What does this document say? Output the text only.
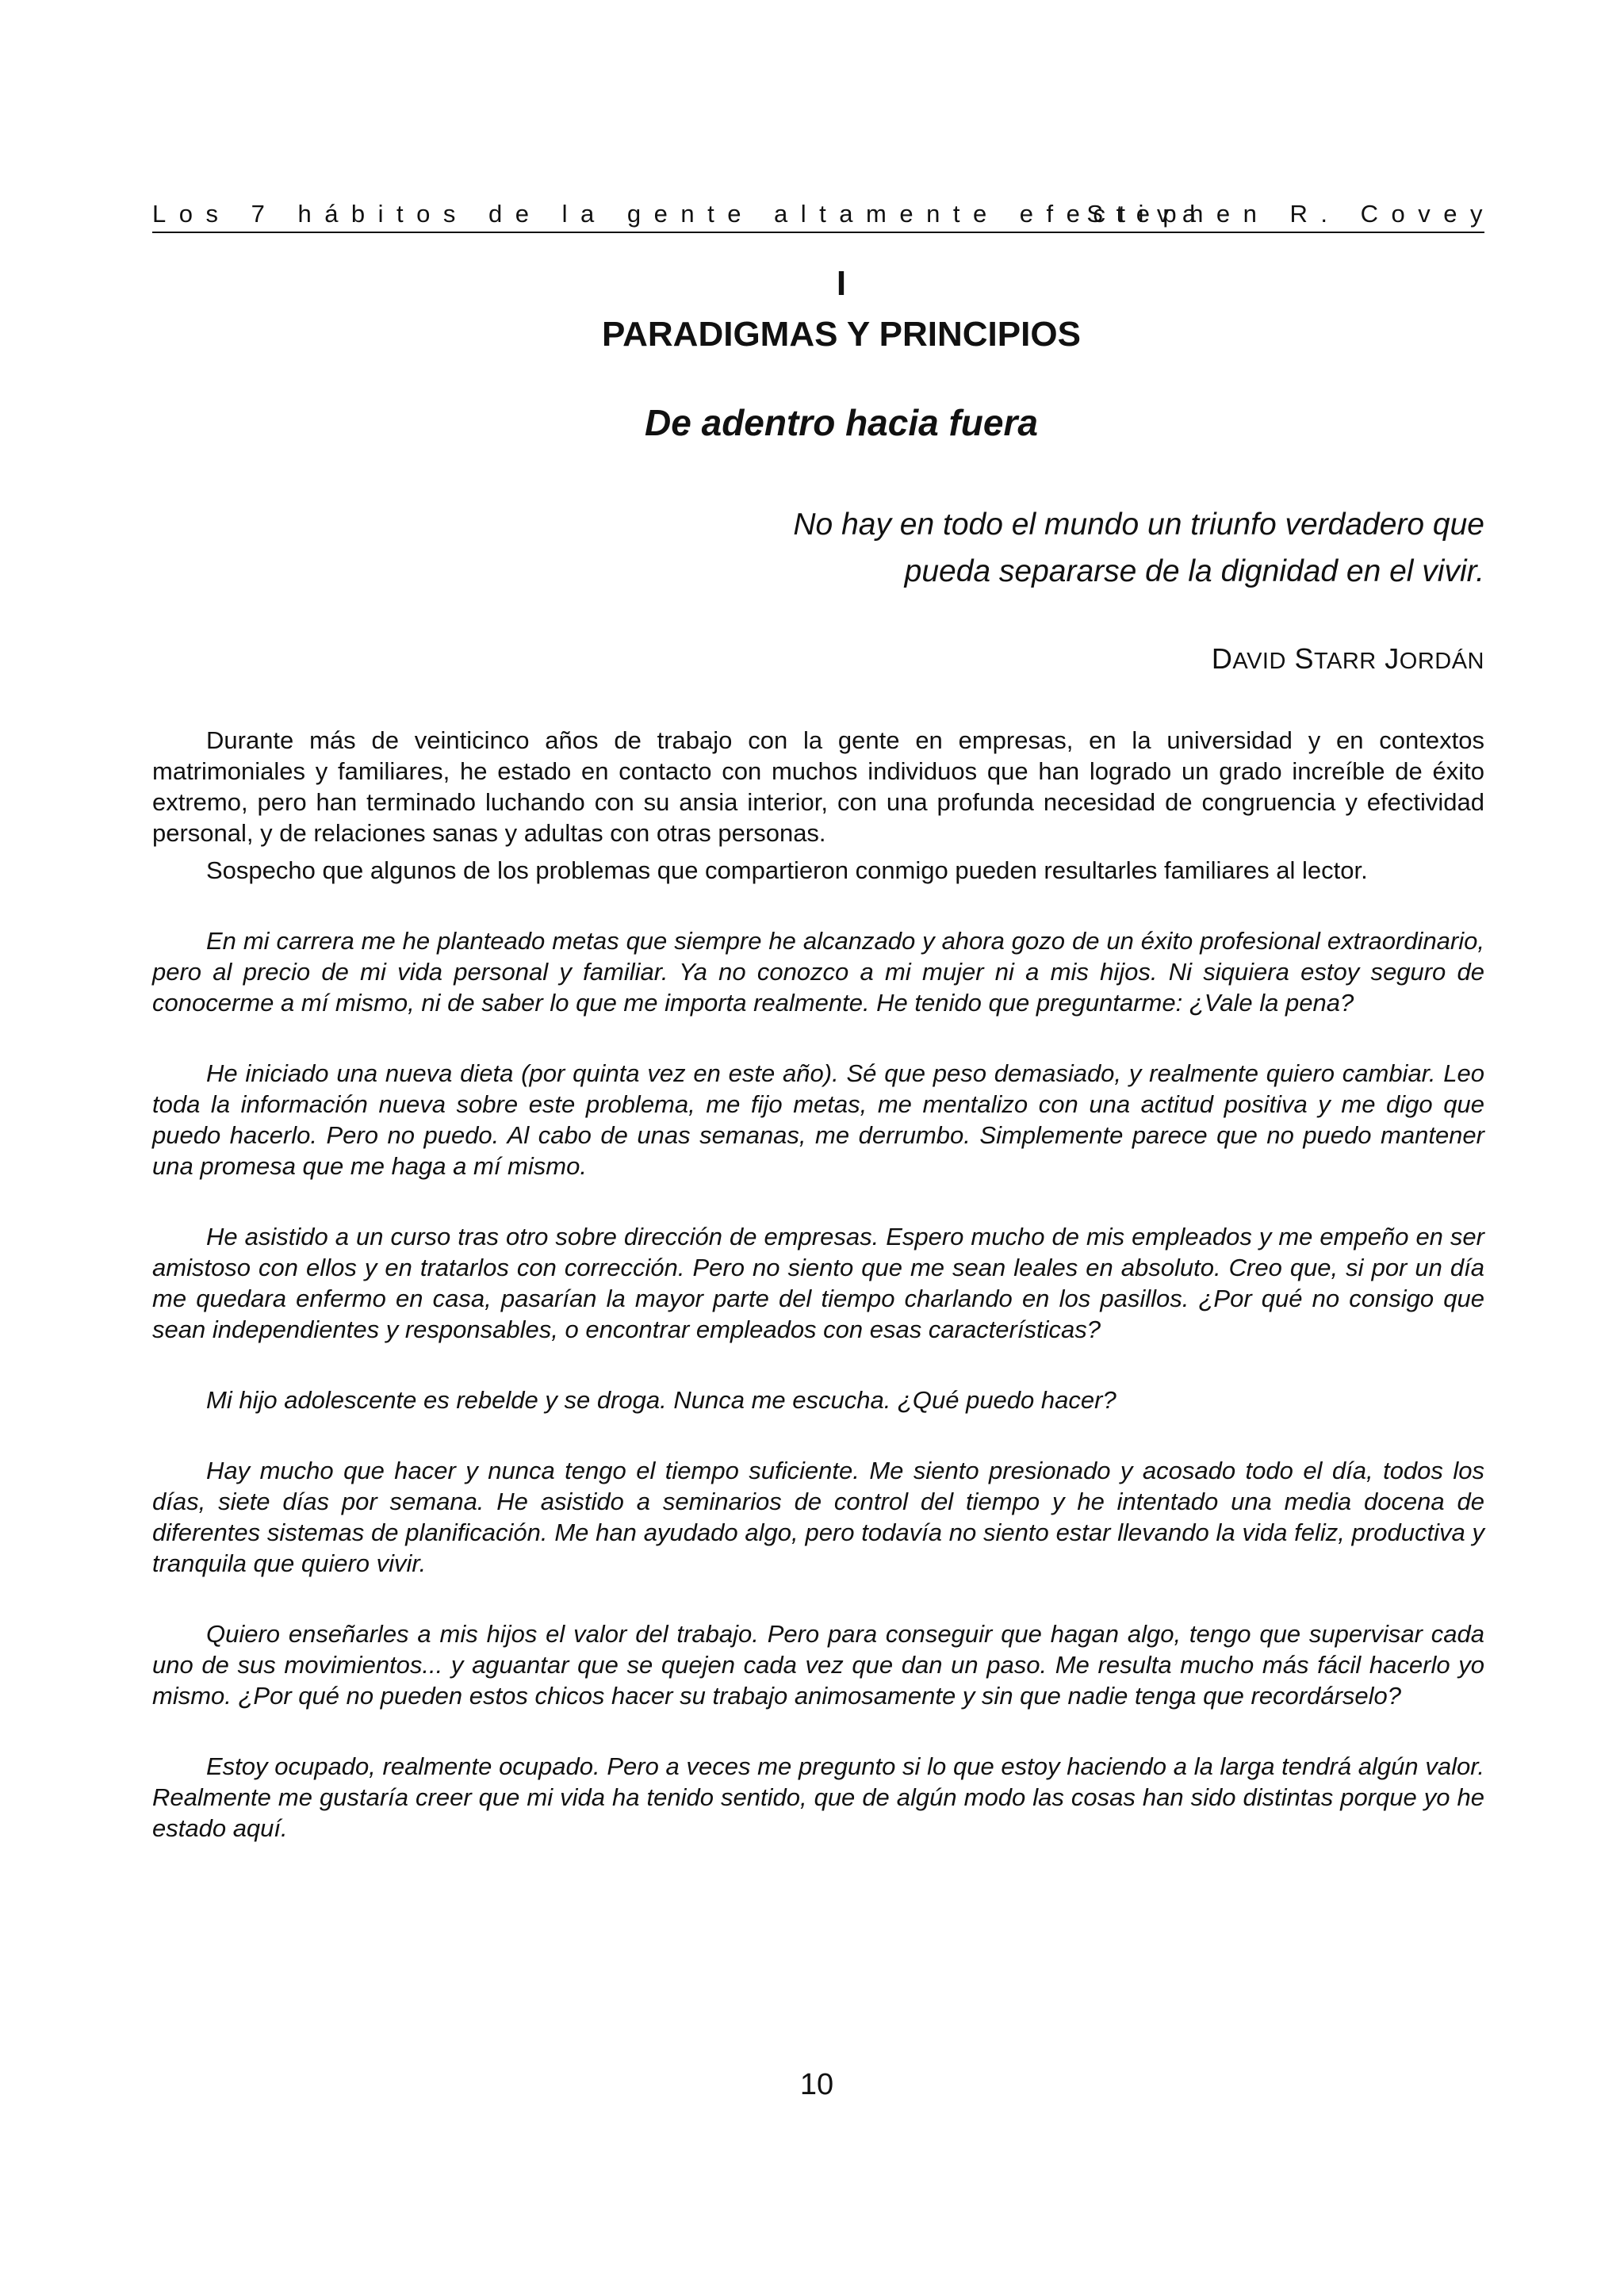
Los 7 hábitos de la gente altamente efectiva
Stephen R. Covey
I
PARADIGMAS Y PRINCIPIOS
De adentro hacia fuera
No hay en todo el mundo un triunfo verdadero que
pueda separarse de la dignidad en el vivir.
DAVID STARR JORDÁN

Durante más de veinticinco años de trabajo con la gente en empresas, en la universidad y en contextos matrimoniales y familiares, he estado en contacto con muchos individuos que han logrado un grado increíble de éxito extremo, pero han terminado luchando con su ansia interior, con una profunda necesidad de congruencia y efectividad personal, y de relaciones sanas y adultas con otras personas.

Sospecho que algunos de los problemas que compartieron conmigo pueden resultarles familiares al lector.

En mi carrera me he planteado metas que siempre he alcanzado y ahora gozo de un éxito profesional extraordinario, pero al precio de mi vida personal y familiar. Ya no conozco a mi mujer ni a mis hijos. Ni siquiera estoy seguro de conocerme a mí mismo, ni de saber lo que me importa realmente. He tenido que preguntarme: ¿Vale la pena?

He iniciado una nueva dieta (por quinta vez en este año). Sé que peso demasiado, y realmente quiero cambiar. Leo toda la información nueva sobre este problema, me fijo metas, me mentalizo con una actitud positiva y me digo que puedo hacerlo. Pero no puedo. Al cabo de unas semanas, me derrumbo. Simplemente parece que no puedo mantener una promesa que me haga a mí mismo.

He asistido a un curso tras otro sobre dirección de empresas. Espero mucho de mis empleados y me empeño en ser amistoso con ellos y en tratarlos con corrección. Pero no siento que me sean leales en absoluto. Creo que, si por un día me quedara enfermo en casa, pasarían la mayor parte del tiempo charlando en los pasillos. ¿Por qué no consigo que sean independientes y responsables, o encontrar empleados con esas características?

Mi hijo adolescente es rebelde y se droga. Nunca me escucha. ¿Qué puedo hacer?

Hay mucho que hacer y nunca tengo el tiempo suficiente. Me siento presionado y acosado todo el día, todos los días, siete días por semana. He asistido a seminarios de control del tiempo y he intentado una media docena de diferentes sistemas de planificación. Me han ayudado algo, pero todavía no siento estar llevando la vida feliz, productiva y tranquila que quiero vivir.

Quiero enseñarles a mis hijos el valor del trabajo. Pero para conseguir que hagan algo, tengo que supervisar cada uno de sus movimientos... y aguantar que se quejen cada vez que dan un paso. Me resulta mucho más fácil hacerlo yo mismo. ¿Por qué no pueden estos chicos hacer su trabajo animosamente y sin que nadie tenga que recordárselo?

Estoy ocupado, realmente ocupado. Pero a veces me pregunto si lo que estoy haciendo a la larga tendrá algún valor. Realmente me gustaría creer que mi vida ha tenido sentido, que de algún modo las cosas han sido distintas porque yo he estado aquí.

10
